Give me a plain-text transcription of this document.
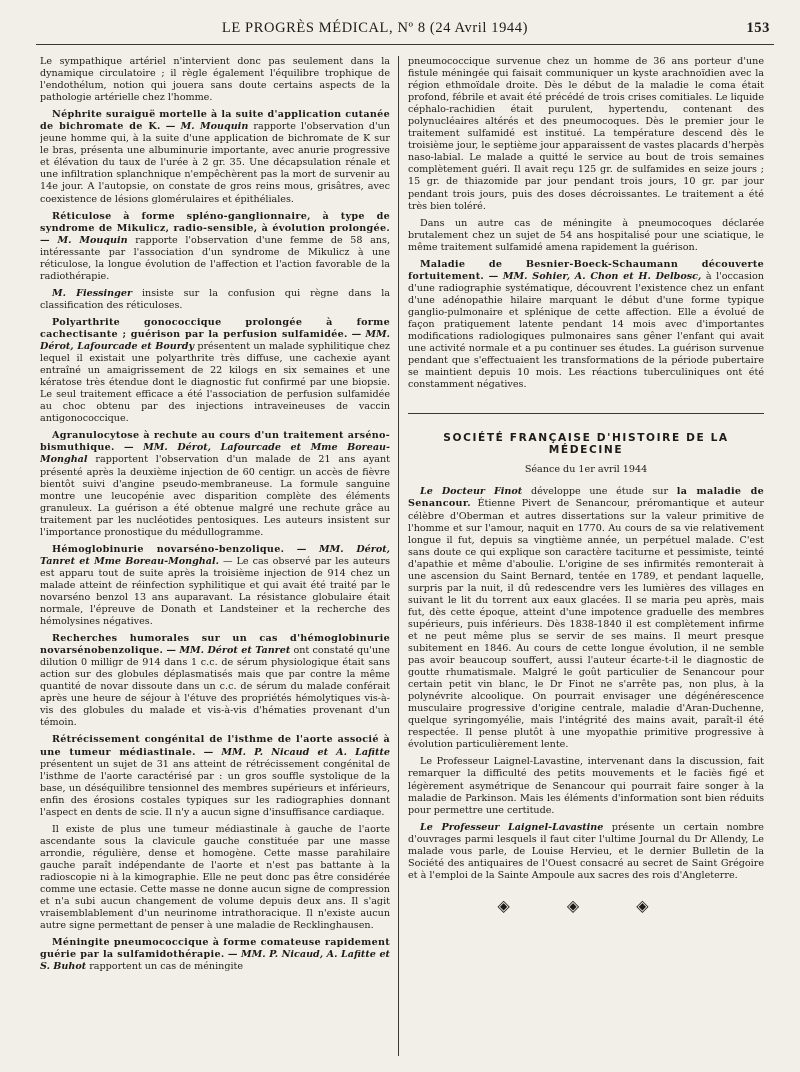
LE PROGRÈS MÉDICAL, Nº 8 (24 Avril 1944)	153

Le sympathique artériel n'intervient donc pas seulement dans la dynamique circulatoire ; il règle également l'équilibre trophique de l'endothélum, notion qui jouera sans doute certains aspects de la pathologie artérielle chez l'homme.

Néphrite suraiguë mortelle à la suite d'application cutanée de bichromate de K. — M. Mouquin rapporte l'observation d'un jeune homme qui, à la suite d'une application de bichromate de K sur le bras, présenta une albuminurie importante, avec anurie progressive et élévation du taux de l'urée à 2 gr. 35. Une décapsulation rénale et une infiltration splanchnique n'empêchèrent pas la mort de survenir au 14e jour. A l'autopsie, on constate de gros reins mous, grisâtres, avec coexistence de lésions glomérulaires et épithéliales.

Réticulose à forme spléno-ganglionnaire, à type de syndrome de Mikulicz, radio-sensible, à évolution prolongée. — M. Mouquin rapporte l'observation d'une femme de 58 ans, intéressante par l'association d'un syndrome de Mikulicz à une réticulose, la longue évolution de l'affection et l'action favorable de la radiothérapie.

M. Fiessinger insiste sur la confusion qui règne dans la classification des réticuloses.

Polyarthrite gonococcique prolongée à forme cachectisante ; guérison par la perfusion sulfamidée. — MM. Dérot, Lafourcade et Bourdy présentent un malade syphilitique chez lequel il existait une polyarthrite très diffuse, une cachexie ayant entraîné un amaigrissement de 22 kilogs en six semaines et une kératose très étendue dont le diagnostic fut confirmé par une biopsie. Le seul traitement efficace a été l'association de perfusion sulfamidée au choc obtenu par des injections intraveineuses de vaccin antigonococcique.

Agranulocytose à rechute au cours d'un traitement arséno-bismuthique. — MM. Dérot, Lafourcade et Mme Boreau-Monghal rapportent l'observation d'un malade de 21 ans ayant présenté après la deuxième injection de 60 centigr. un accès de fièvre bientôt suivi d'angine pseudo-membraneuse. La formule sanguine montre une leucopénie avec disparition complète des éléments granuleux. La guérison a été obtenue malgré une rechute grâce au traitement par les nucléotides pentosiques. Les auteurs insistent sur l'importance pronostique du médullogramme.

Hémoglobinurie novarséno-benzolique. — MM. Dérot, Tanret et Mme Boreau-Monghal. — Le cas observé par les auteurs est apparu tout de suite après la troisième injection de 914 chez un malade atteint de réinfection syphilitique et qui avait été traité par le novarséno benzol 13 ans auparavant. La résistance globulaire était normale, l'épreuve de Donath et Landsteiner et la recherche des hémolysines négatives.

Recherches humorales sur un cas d'hémoglobinurie novarsénobenzolique. — MM. Dérot et Tanret ont constaté qu'une dilution 0 milligr de 914 dans 1 c.c. de sérum physiologique était sans action sur des globules déplasmatisés mais que par contre la même quantité de novar dissoute dans un c.c. de sérum du malade conférait après une heure de séjour à l'étuve des propriétés hémolytiques vis-à-vis des globules du malade et vis-à-vis d'hématies provenant d'un témoin.

Rétrécissement congénital de l'isthme de l'aorte associé à une tumeur médiastinale. — MM. P. Nicaud et A. Lafitte présentent un sujet de 31 ans atteint de rétrécissement congénital de l'isthme de l'aorte caractérisé par : un gros souffle systolique de la base, un déséquilibre tensionnel des membres supérieurs et inférieurs, enfin des érosions costales typiques sur les radiographies donnant l'aspect en dents de scie. Il n'y a aucun signe d'insuffisance cardiaque.

Il existe de plus une tumeur médiastinale à gauche de l'aorte ascendante sous la clavicule gauche constituée par une masse arrondie, régulière, dense et homogène. Cette masse parahilaire gauche paraît indépendante de l'aorte et n'est pas battante à la radioscopie ni à la kimographie. Elle ne peut donc pas être considérée comme une ectasie. Cette masse ne donne aucun signe de compression et n'a subi aucun changement de volume depuis deux ans. Il s'agit vraisemblablement d'un neurinome intrathoracique. Il n'existe aucun autre signe permettant de penser à une maladie de Recklinghausen.

Méningite pneumococcique à forme comateuse rapidement guérie par la sulfamidothérapie. — MM. P. Nicaud, A. Lafitte et S. Buhot rapportent un cas de méningite

pneumococcique survenue chez un homme de 36 ans porteur d'une fistule méningée qui faisait communiquer un kyste arachnoïdien avec la région ethmoïdale droite. Dès le début de la maladie le coma était profond, fébrile et avait été précédé de trois crises comitiales. Le liquide céphalo-rachidien était purulent, hypertendu, contenant des polynucléaires altérés et des pneumocoques. Dès le premier jour le traitement sulfamidé est institué. La température descend dès le troisième jour, le septième jour apparaissent de vastes placards d'herpès naso-labial. Le malade a quitté le service au bout de trois semaines complètement guéri. Il avait reçu 125 gr. de sulfamides en seize jours ; 15 gr. de thiazomide par jour pendant trois jours, 10 gr. par jour pendant trois jours, puis des doses décroissantes. Le traitement a été très bien toléré.

Dans un autre cas de méningite à pneumocoques déclarée brutalement chez un sujet de 54 ans hospitalisé pour une sciatique, le même traitement sulfamidé amena rapidement la guérison.

Maladie de Besnier-Boeck-Schaumann découverte fortuitement. — MM. Sohier, A. Chon et H. Delbosc, à l'occasion d'une radiographie systématique, découvrent l'existence chez un enfant d'une adénopathie hilaire marquant le début d'une forme typique ganglio-pulmonaire et splénique de cette affection. Elle a évolué de façon pratiquement latente pendant 14 mois avec d'importantes modifications radiologiques pulmonaires sans gêner l'enfant qui avait une activité normale et a pu continuer ses études. La guérison survenue pendant que s'effectuaient les transformations de la période pubertaire se maintient depuis 10 mois. Les réactions tuberculiniques ont été constamment négatives.

SOCIÉTÉ FRANÇAISE D'HISTOIRE DE LA MÉDECINE
Séance du 1er avril 1944

Le Docteur Finot développe une étude sur la maladie de Senancour. Étienne Pivert de Senancour, préromantique et auteur célèbre d'Oberman et autres dissertations sur la valeur primitive de l'homme et sur l'amour, naquit en 1770. Au cours de sa vie relativement longue il fut, depuis sa vingtième année, un perpétuel malade. C'est sans doute ce qui explique son caractère taciturne et pessimiste, teinté d'apathie et même d'aboulie. L'origine de ses infirmités remonterait à une ascension du Saint Bernard, tentée en 1789, et pendant laquelle, surpris par la nuit, il dû redescendre vers les lumières des villages en suivant le lit du torrent aux eaux glacées. Il se maria peu après, mais fut, dès cette époque, atteint d'une impotence graduelle des membres supérieurs, puis inférieurs. Dès 1838-1840 il est complètement infirme et ne peut même plus se servir de ses mains. Il meurt presque subitement en 1846. Au cours de cette longue évolution, il ne semble pas avoir beaucoup souffert, aussi l'auteur écarte-t-il le diagnostic de goutte rhumatismale. Malgré le goût particulier de Senancour pour certain petit vin blanc, le Dr Finot ne s'arrête pas, non plus, à la polynévrite alcoolique. On pourrait envisager une dégénérescence musculaire progressive d'origine centrale, maladie d'Aran-Duchenne, quelque syringomyélie, mais l'intégrité des mains avait, paraît-il été respectée. Il pense plutôt à une myopathie primitive progressive à évolution particulièrement lente.

Le Professeur Laignel-Lavastine, intervenant dans la discussion, fait remarquer la difficulté des petits mouvements et le faciès figé et légèrement asymétrique de Senancour qui pourrait faire songer à la maladie de Parkinson. Mais les éléments d'information sont bien réduits pour permettre une certitude.

Le Professeur Laignel-Lavastine présente un certain nombre d'ouvrages parmi lesquels il faut citer l'ultime Journal du Dr Allendy, Le malade vous parle, de Louise Hervieu, et le dernier Bulletin de la Société des antiquaires de l'Ouest consacré au secret de Saint Grégoire et à l'emploi de la Sainte Ampoule aux sacres des rois d'Angleterre.

◈ ◈ ◈
